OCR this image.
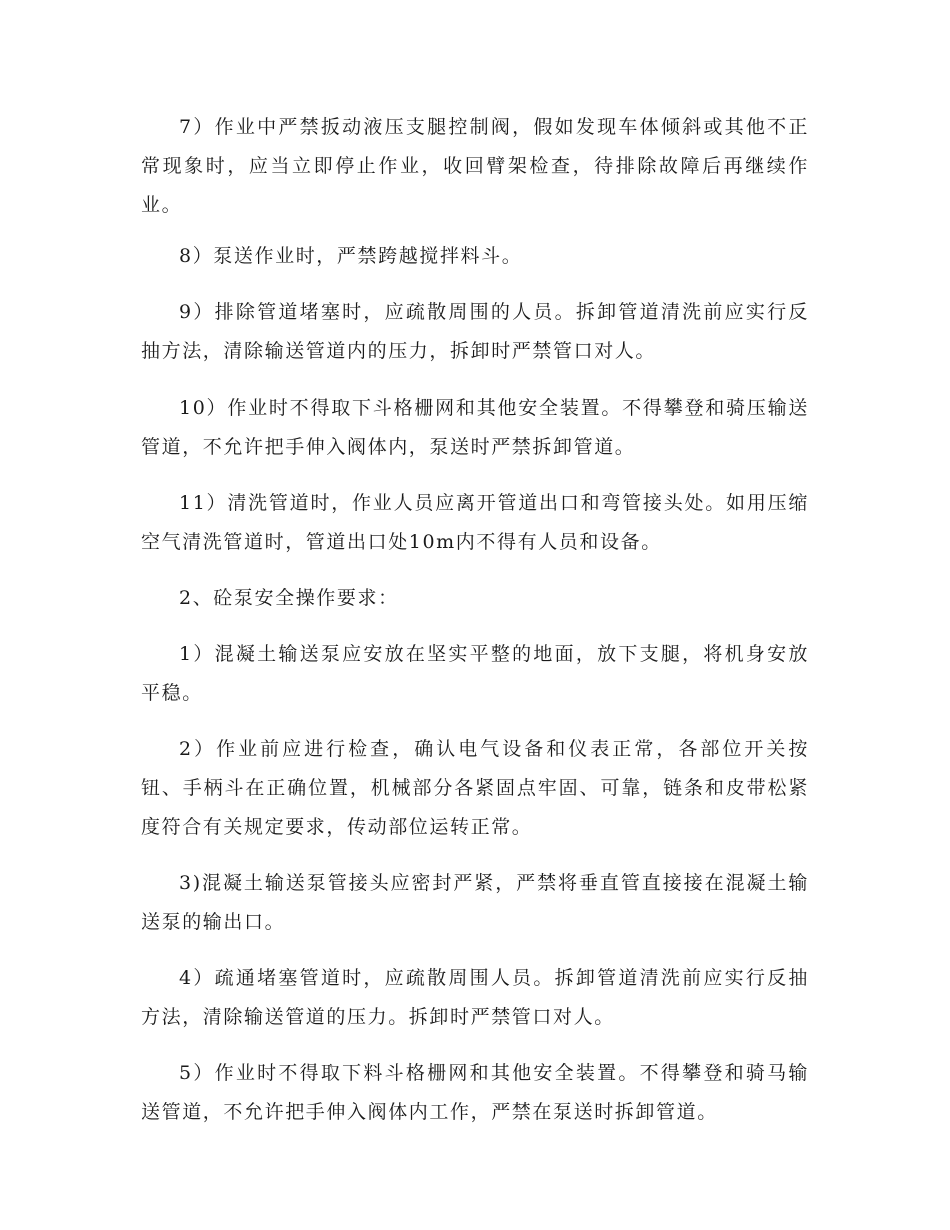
7）作业中严禁扳动液压支腿控制阀，假如发现车体倾斜或其他不正常现象时，应当立即停止作业，收回臂架检查，待排除故障后再继续作业。

8）泵送作业时，严禁跨越搅拌料斗。

9）排除管道堵塞时，应疏散周围的人员。拆卸管道清洗前应实行反抽方法，清除输送管道内的压力，拆卸时严禁管口对人。

10）作业时不得取下斗格栅网和其他安全装置。不得攀登和骑压输送管道，不允许把手伸入阀体内，泵送时严禁拆卸管道。

11）清洗管道时，作业人员应离开管道出口和弯管接头处。如用压缩空气清洗管道时，管道出口处10m内不得有人员和设备。

2、砼泵安全操作要求：

1）混凝土输送泵应安放在坚实平整的地面，放下支腿，将机身安放平稳。

2）作业前应进行检查，确认电气设备和仪表正常，各部位开关按钮、手柄斗在正确位置，机械部分各紧固点牢固、可靠，链条和皮带松紧度符合有关规定要求，传动部位运转正常。

3)混凝土输送泵管接头应密封严紧，严禁将垂直管直接接在混凝土输送泵的输出口。

4）疏通堵塞管道时，应疏散周围人员。拆卸管道清洗前应实行反抽方法，清除输送管道的压力。拆卸时严禁管口对人。

5）作业时不得取下料斗格栅网和其他安全装置。不得攀登和骑马输送管道，不允许把手伸入阀体内工作，严禁在泵送时拆卸管道。
